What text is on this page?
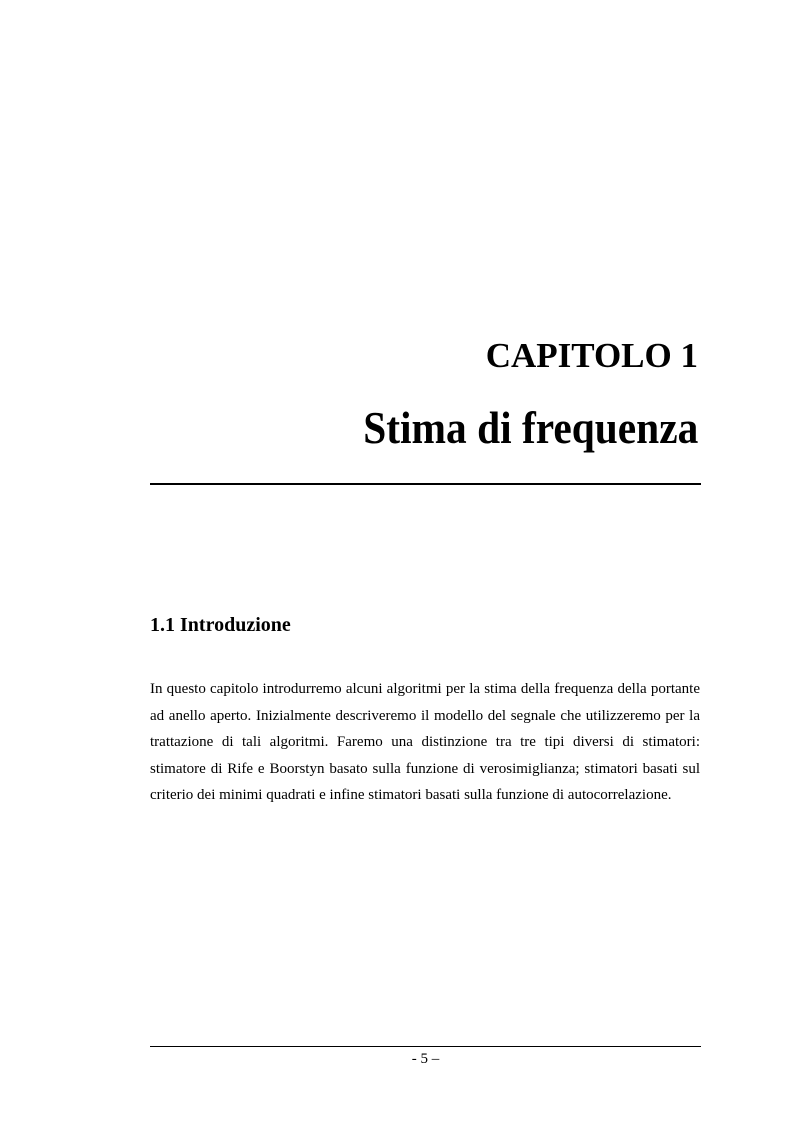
CAPITOLO 1
Stima di frequenza
1.1 Introduzione

In questo capitolo introdurremo alcuni algoritmi per la stima della frequenza della portante ad anello aperto. Inizialmente descriveremo il modello del segnale che utilizzeremo per la trattazione di tali algoritmi. Faremo una distinzione tra tre tipi diversi di stimatori: stimatore di Rife e Boorstyn basato sulla funzione di verosimiglianza; stimatori basati sul criterio dei minimi quadrati e infine stimatori basati sulla funzione di autocorrelazione.

- 5 –
